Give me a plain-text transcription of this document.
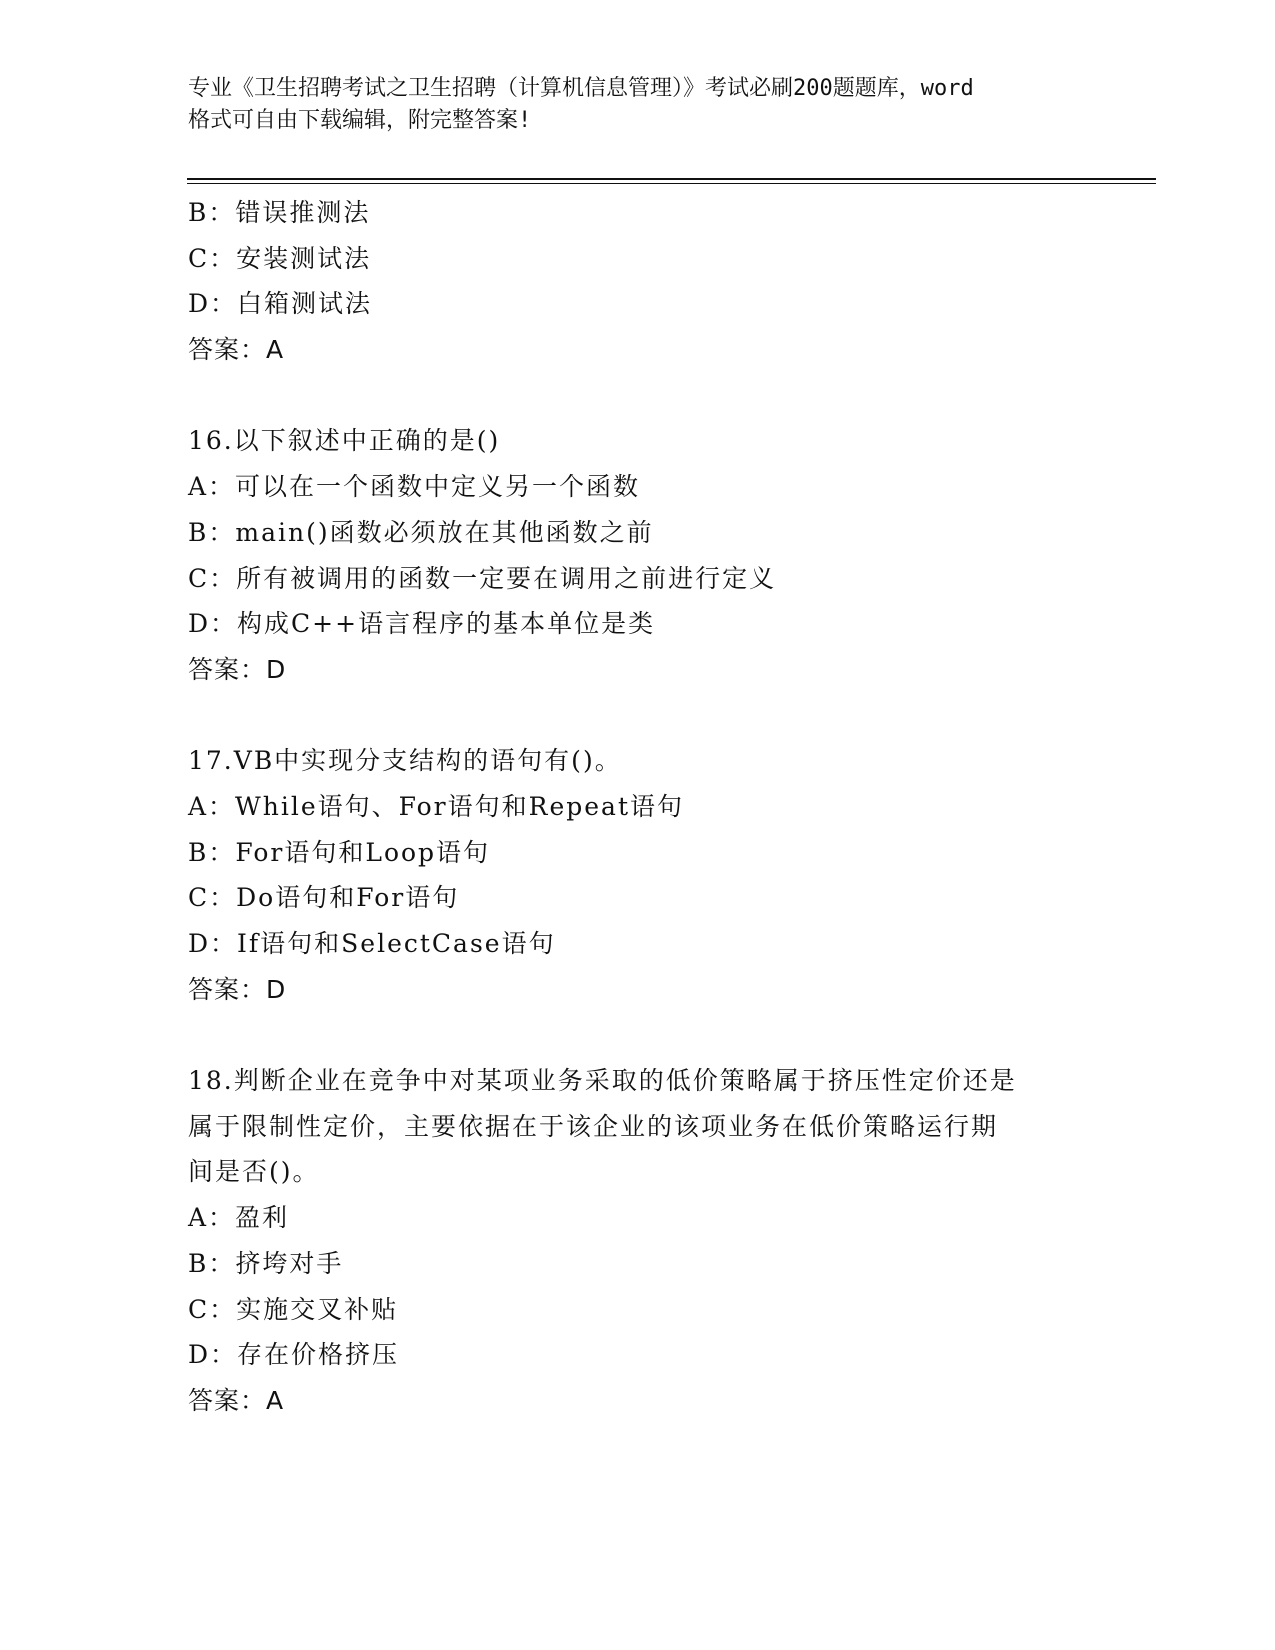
专业《卫生招聘考试之卫生招聘（计算机信息管理）》考试必刷200题题库，word
格式可自由下载编辑，附完整答案!
B：错误推测法
C：安装测试法
D：白箱测试法
答案：A
16.以下叙述中正确的是()
A：可以在一个函数中定义另一个函数
B：main()函数必须放在其他函数之前
C：所有被调用的函数一定要在调用之前进行定义
D：构成C++语言程序的基本单位是类
答案：D
17.VB中实现分支结构的语句有()。
A：While语句、For语句和Repeat语句
B：For语句和Loop语句
C：Do语句和For语句
D：If语句和SelectCase语句
答案：D
18.判断企业在竞争中对某项业务采取的低价策略属于挤压性定价还是
属于限制性定价，主要依据在于该企业的该项业务在低价策略运行期
间是否()。
A：盈利
B：挤垮对手
C：实施交叉补贴
D：存在价格挤压
答案：A
